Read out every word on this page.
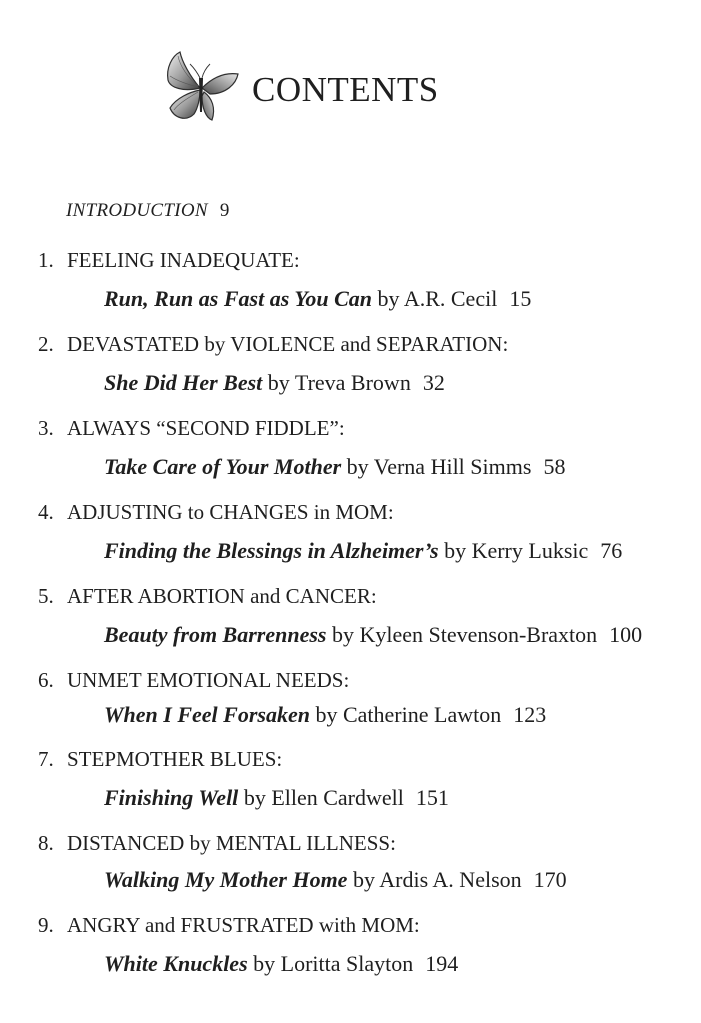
CONTENTS
INTRODUCTION 9
1. FEELING INADEQUATE:
Run, Run as Fast as You Can by A.R. Cecil 15
2. DEVASTATED by VIOLENCE and SEPARATION:
She Did Her Best by Treva Brown 32
3. ALWAYS “SECOND FIDDLE”:
Take Care of Your Mother by Verna Hill Simms 58
4. ADJUSTING to CHANGES in MOM:
Finding the Blessings in Alzheimer’s by Kerry Luksic 76
5. AFTER ABORTION and CANCER:
Beauty from Barrenness by Kyleen Stevenson-Braxton 100
6. UNMET EMOTIONAL NEEDS:
When I Feel Forsaken by Catherine Lawton 123
7. STEPMOTHER BLUES:
Finishing Well by Ellen Cardwell 151
8. DISTANCED by MENTAL ILLNESS:
Walking My Mother Home by Ardis A. Nelson 170
9. ANGRY and FRUSTRATED with MOM:
White Knuckles by Loritta Slayton 194
